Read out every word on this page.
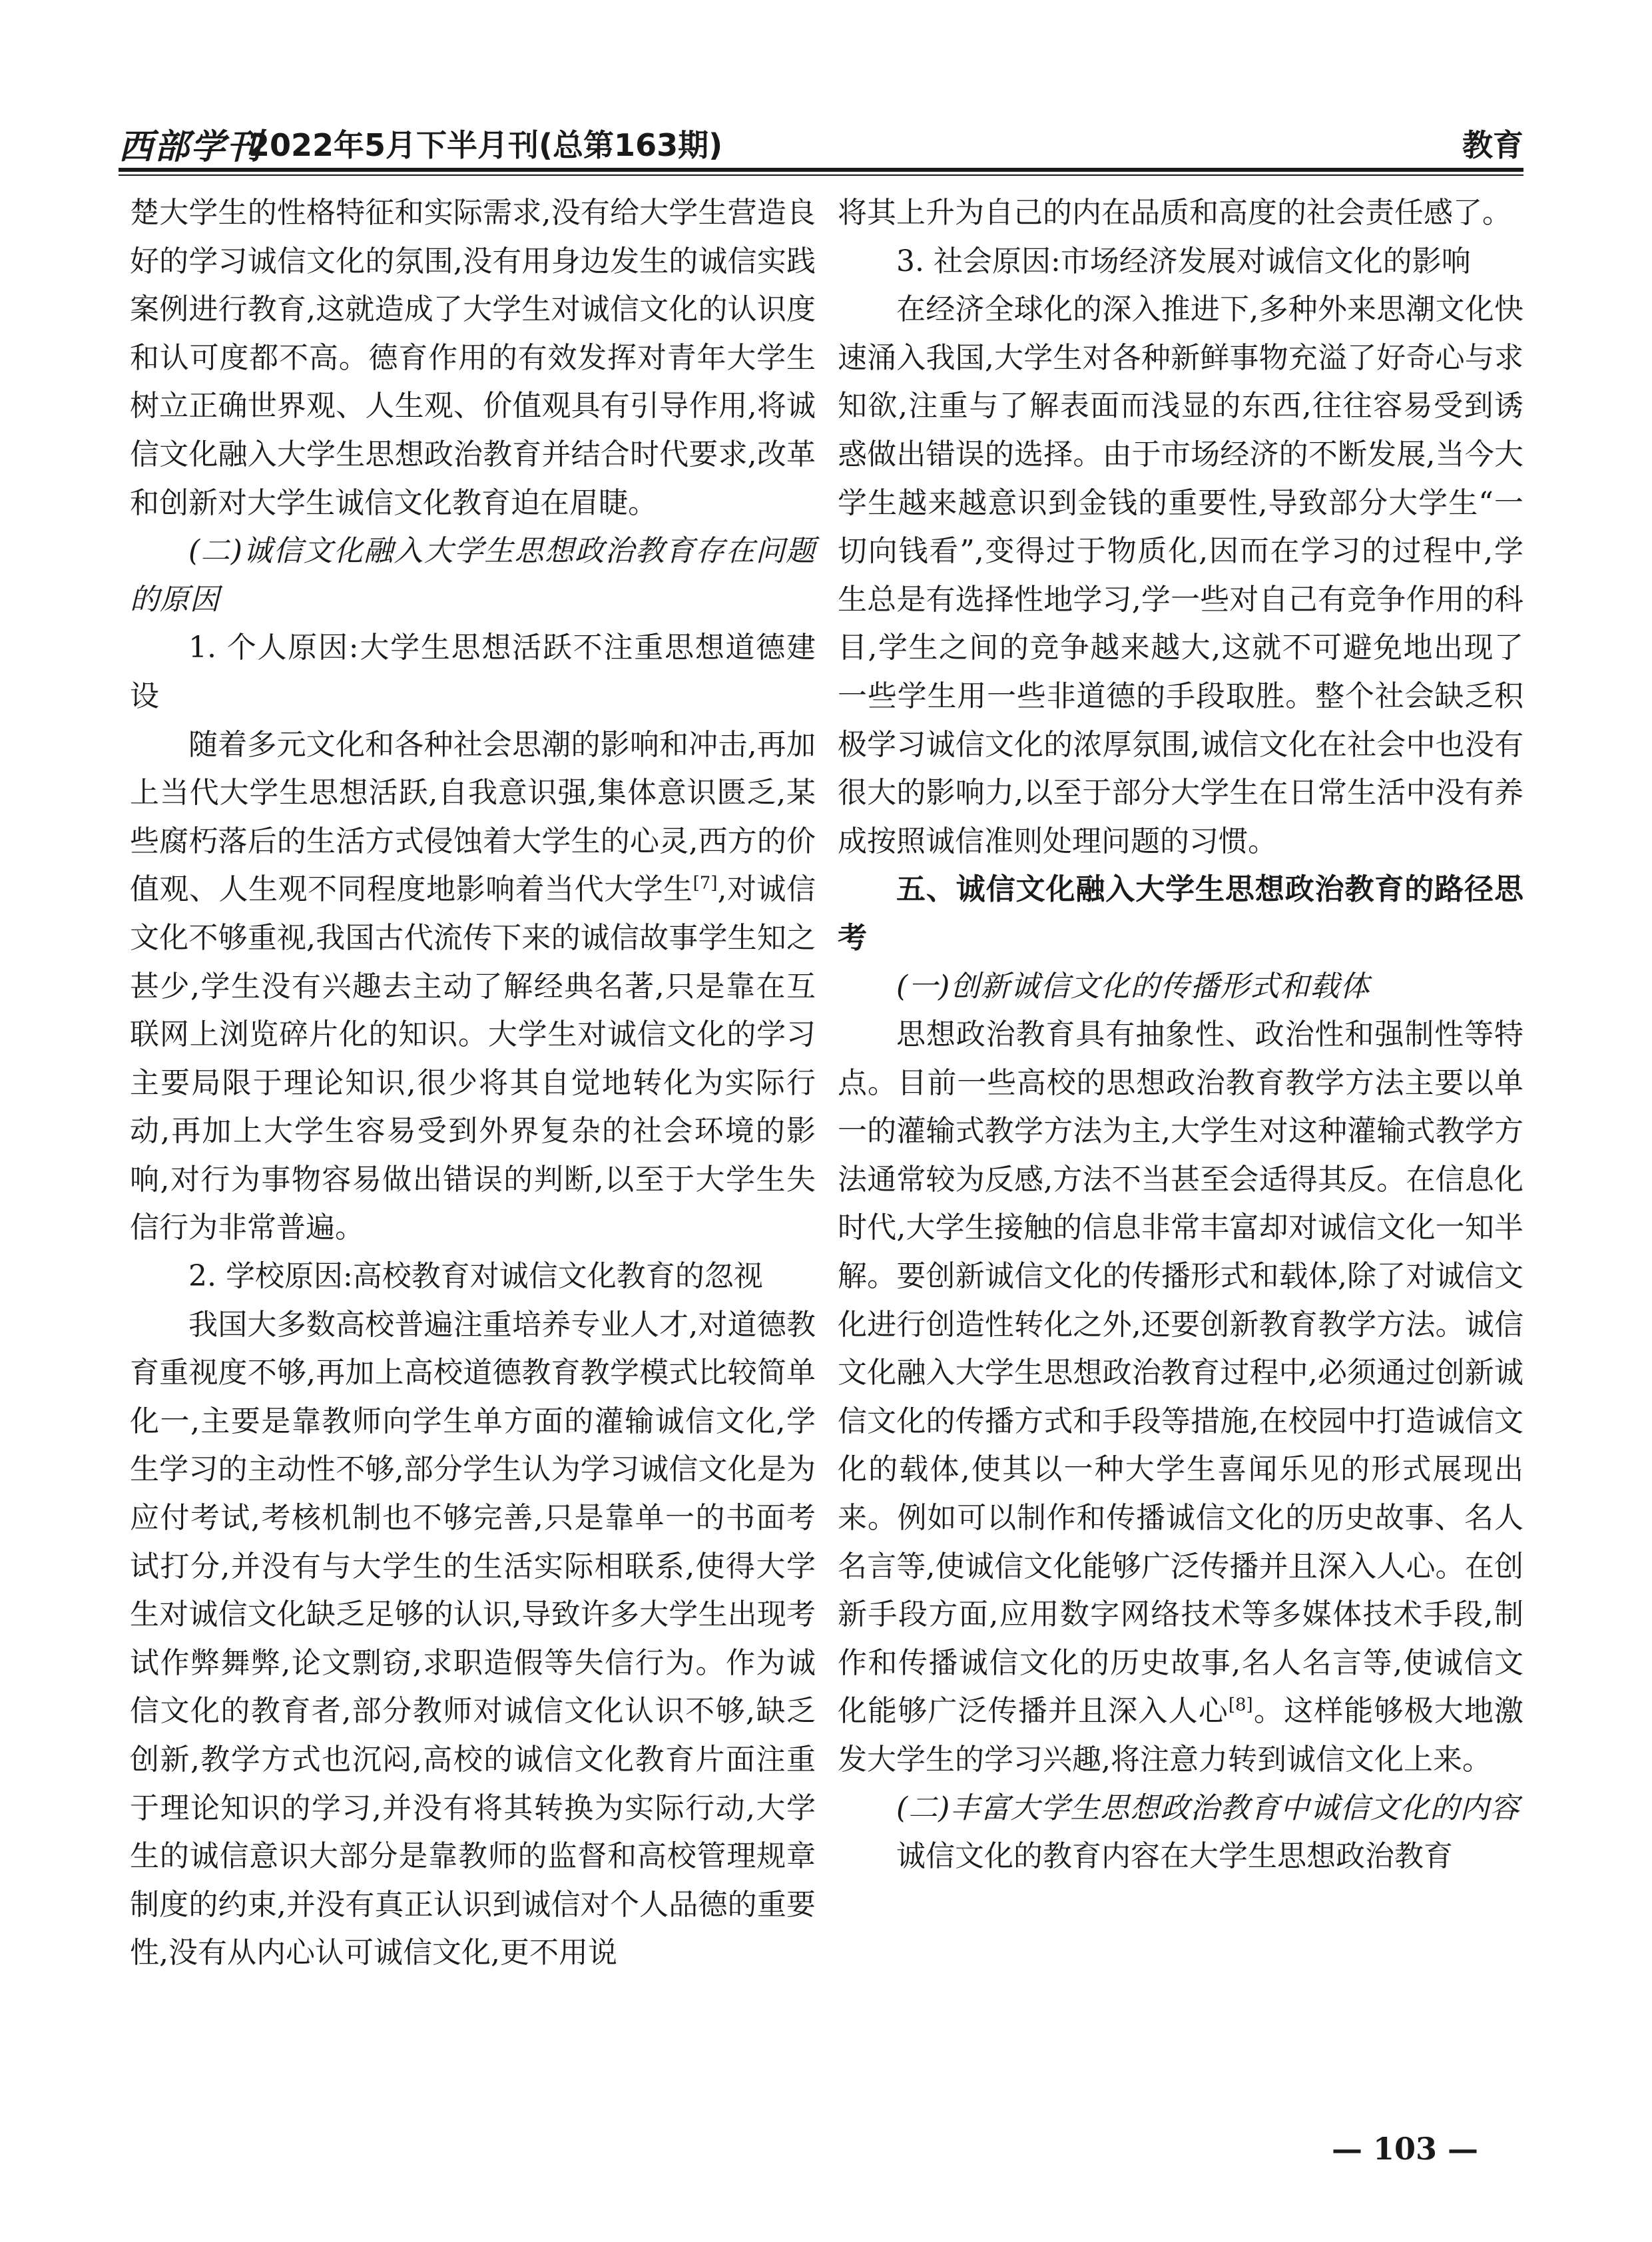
西部学刊
2022年5月下半月刊(总第163期)	教育

楚大学生的性格特征和实际需求,没有给大学生营造良好的学习诚信文化的氛围,没有用身边发生的诚信实践案例进行教育,这就造成了大学生对诚信文化的认识度和认可度都不高。德育作用的有效发挥对青年大学生树立正确世界观、人生观、价值观具有引导作用,将诚信文化融入大学生思想政治教育并结合时代要求,改革和创新对大学生诚信文化教育迫在眉睫。

(二)诚信文化融入大学生思想政治教育存在问题的原因
1. 个人原因:大学生思想活跃不注重思想道德建设

随着多元文化和各种社会思潮的影响和冲击,再加上当代大学生思想活跃,自我意识强,集体意识匮乏,某些腐朽落后的生活方式侵蚀着大学生的心灵,西方的价值观、人生观不同程度地影响着当代大学生[7],对诚信文化不够重视,我国古代流传下来的诚信故事学生知之甚少,学生没有兴趣去主动了解经典名著,只是靠在互联网上浏览碎片化的知识。大学生对诚信文化的学习主要局限于理论知识,很少将其自觉地转化为实际行动,再加上大学生容易受到外界复杂的社会环境的影响,对行为事物容易做出错误的判断,以至于大学生失信行为非常普遍。

2. 学校原因:高校教育对诚信文化教育的忽视

我国大多数高校普遍注重培养专业人才,对道德教育重视度不够,再加上高校道德教育教学模式比较简单化一,主要是靠教师向学生单方面的灌输诚信文化,学生学习的主动性不够,部分学生认为学习诚信文化是为应付考试,考核机制也不够完善,只是靠单一的书面考试打分,并没有与大学生的生活实际相联系,使得大学生对诚信文化缺乏足够的认识,导致许多大学生出现考试作弊舞弊,论文剽窃,求职造假等失信行为。作为诚信文化的教育者,部分教师对诚信文化认识不够,缺乏创新,教学方式也沉闷,高校的诚信文化教育片面注重于理论知识的学习,并没有将其转换为实际行动,大学生的诚信意识大部分是靠教师的监督和高校管理规章制度的约束,并没有真正认识到诚信对个人品德的重要性,没有从内心认可诚信文化,更不用说

将其上升为自己的内在品质和高度的社会责任感了。

3. 社会原因:市场经济发展对诚信文化的影响

在经济全球化的深入推进下,多种外来思潮文化快速涌入我国,大学生对各种新鲜事物充溢了好奇心与求知欲,注重与了解表面而浅显的东西,往往容易受到诱惑做出错误的选择。由于市场经济的不断发展,当今大学生越来越意识到金钱的重要性,导致部分大学生“一切向钱看”,变得过于物质化,因而在学习的过程中,学生总是有选择性地学习,学一些对自己有竞争作用的科目,学生之间的竞争越来越大,这就不可避免地出现了一些学生用一些非道德的手段取胜。整个社会缺乏积极学习诚信文化的浓厚氛围,诚信文化在社会中也没有很大的影响力,以至于部分大学生在日常生活中没有养成按照诚信准则处理问题的习惯。

五、诚信文化融入大学生思想政治教育的路径思考
(一)创新诚信文化的传播形式和载体

思想政治教育具有抽象性、政治性和强制性等特点。目前一些高校的思想政治教育教学方法主要以单一的灌输式教学方法为主,大学生对这种灌输式教学方法通常较为反感,方法不当甚至会适得其反。在信息化时代,大学生接触的信息非常丰富却对诚信文化一知半解。要创新诚信文化的传播形式和载体,除了对诚信文化进行创造性转化之外,还要创新教育教学方法。诚信文化融入大学生思想政治教育过程中,必须通过创新诚信文化的传播方式和手段等措施,在校园中打造诚信文化的载体,使其以一种大学生喜闻乐见的形式展现出来。例如可以制作和传播诚信文化的历史故事、名人名言等,使诚信文化能够广泛传播并且深入人心。在创新手段方面,应用数字网络技术等多媒体技术手段,制作和传播诚信文化的历史故事,名人名言等,使诚信文化能够广泛传播并且深入人心[8]。这样能够极大地激发大学生的学习兴趣,将注意力转到诚信文化上来。

(二)丰富大学生思想政治教育中诚信文化的内容

诚信文化的教育内容在大学生思想政治教育

— 103 —
